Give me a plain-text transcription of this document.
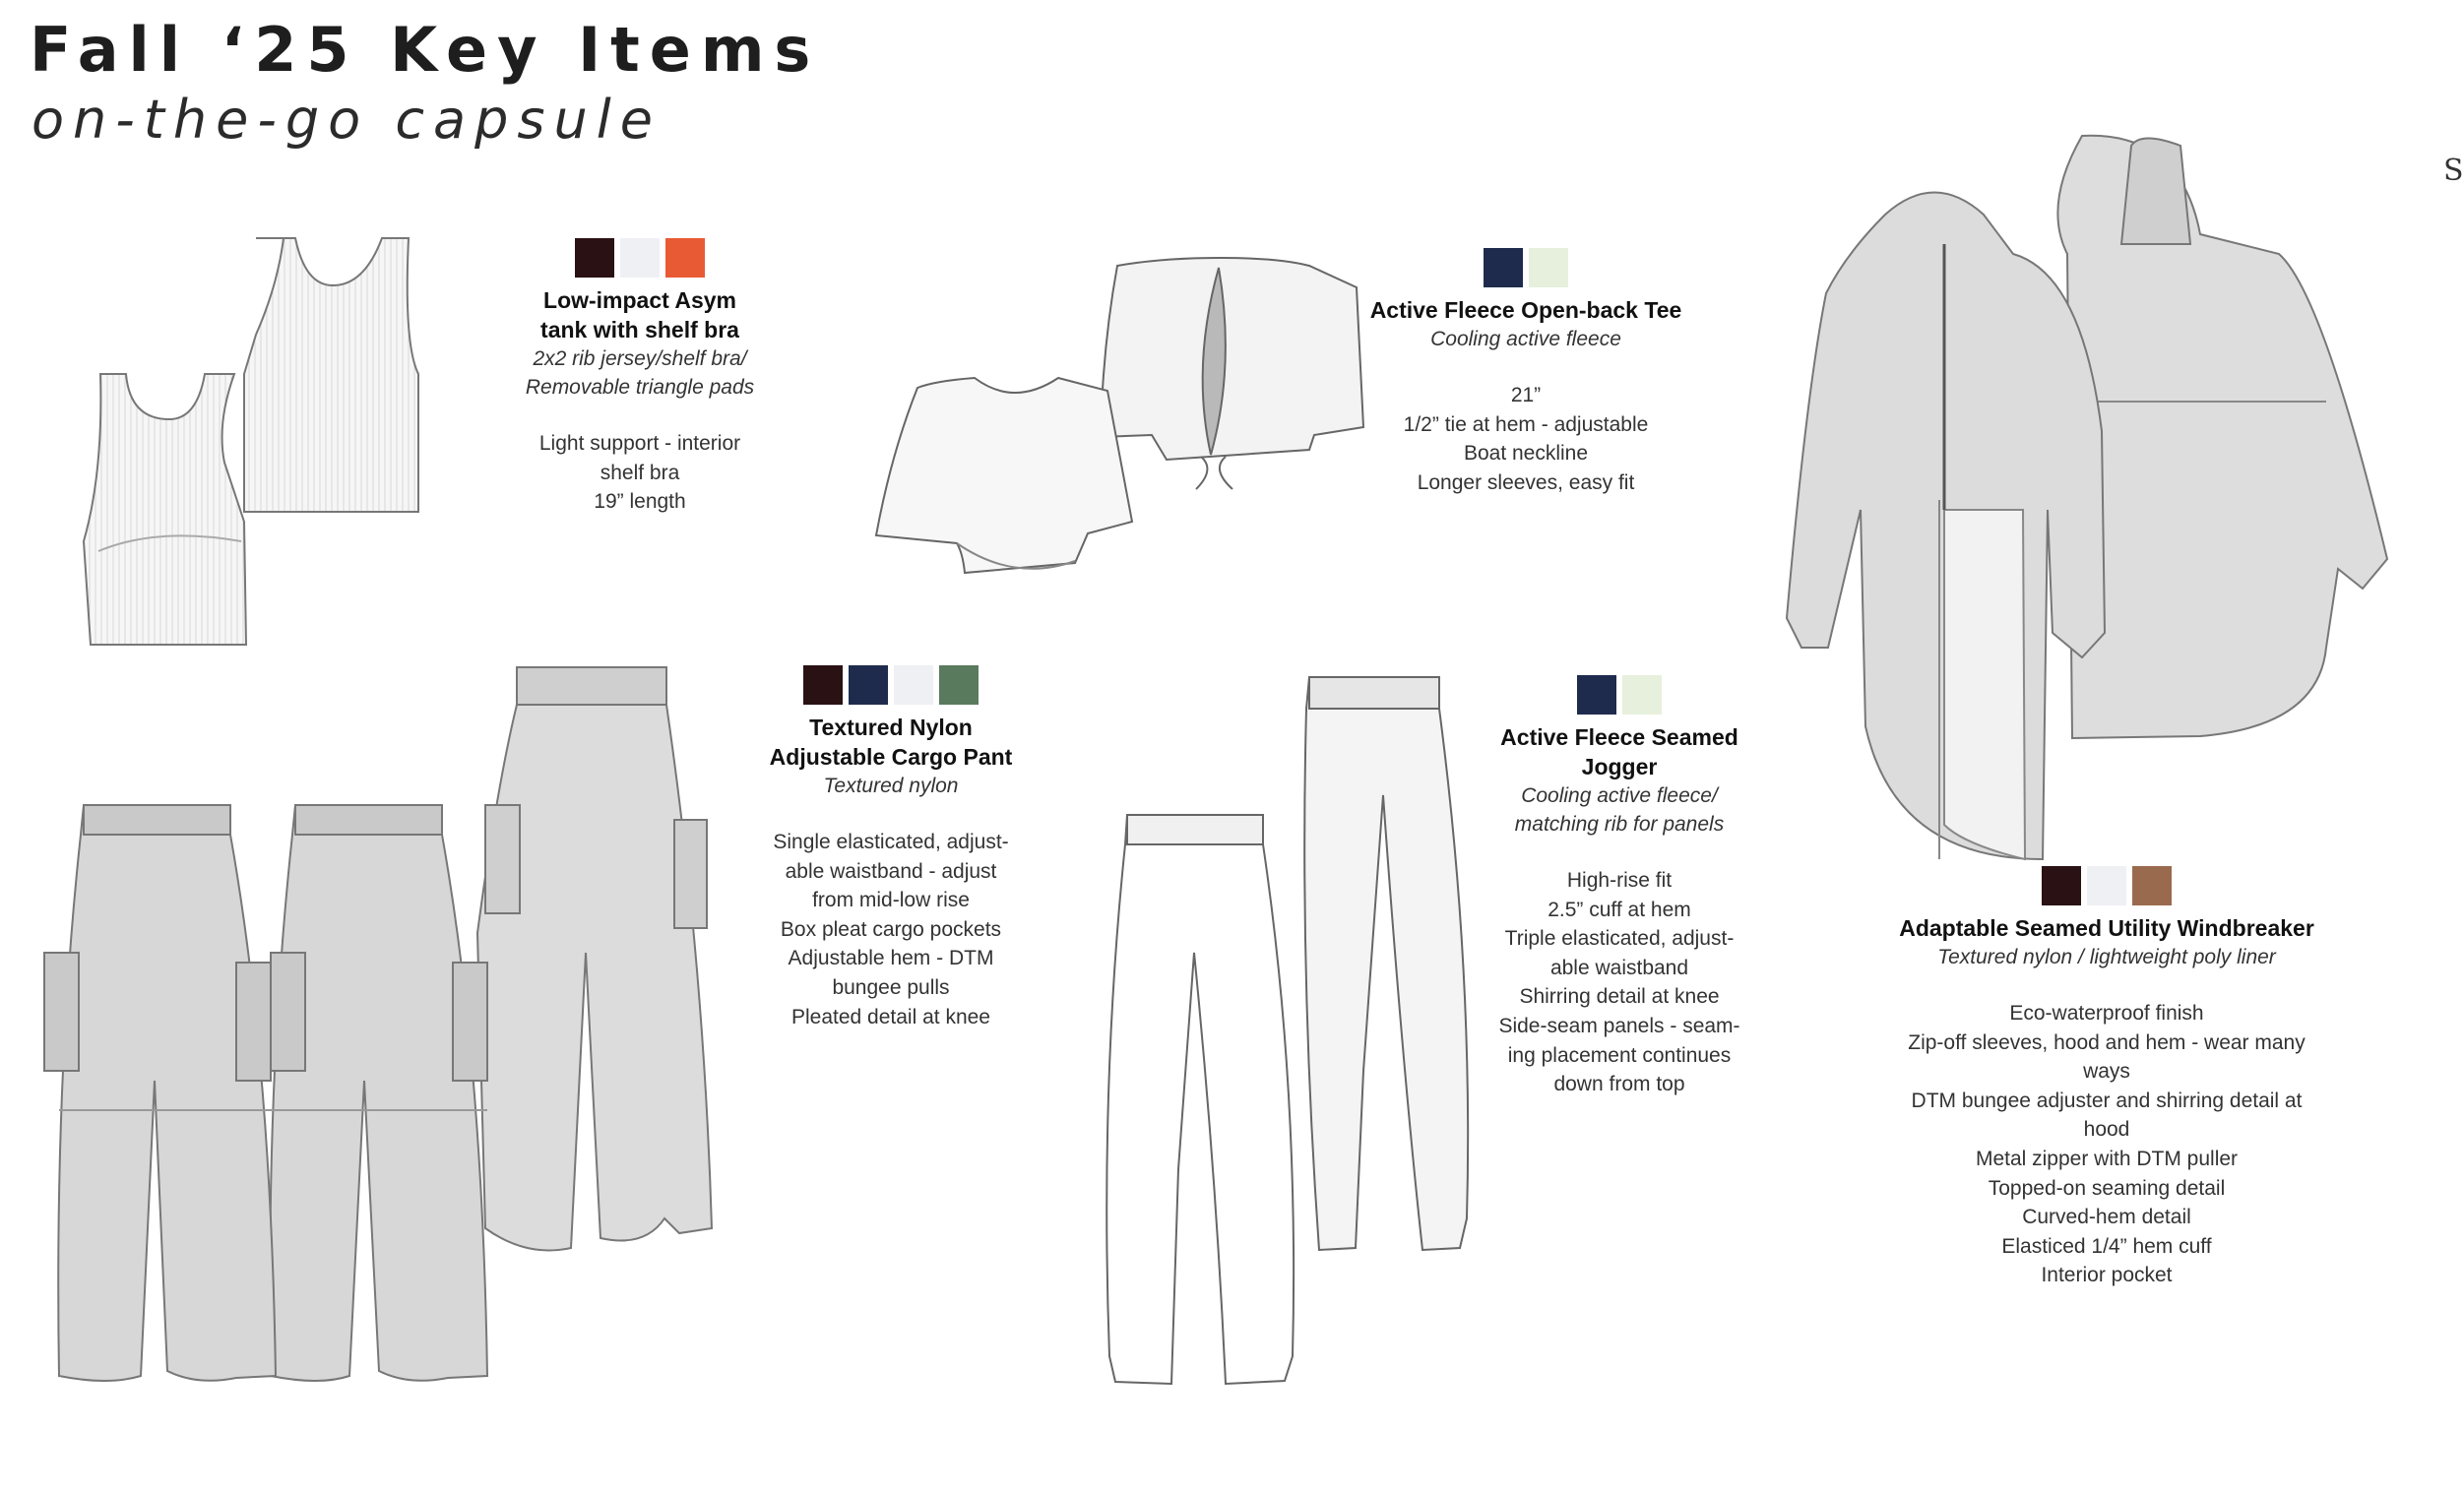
Fall ‘25 Key Items
on-the-go capsule
S
Low-impact Asym
tank with shelf bra
2x2 rib jersey/shelf bra/
Removable triangle pads
Light support - interior
shelf bra
19” length
Active Fleece Open-back Tee
Cooling active fleece
21”
1/2” tie at hem - adjustable
Boat neckline
Longer sleeves, easy fit
Textured Nylon
Adjustable Cargo Pant
Textured nylon
Single elasticated, adjust-
able waistband - adjust
from mid-low rise
Box pleat cargo pockets
Adjustable hem - DTM
bungee pulls
Pleated detail at knee
Active Fleece Seamed
Jogger
Cooling active fleece/
matching rib for panels
High-rise fit
2.5” cuff at hem
Triple elasticated, adjust-
able waistband
Shirring detail at knee
Side-seam panels - seam-
ing placement continues
down from top
Adaptable Seamed Utility Windbreaker
Textured nylon / lightweight poly liner
Eco-waterproof finish
Zip-off sleeves, hood and hem - wear many
ways
DTM bungee adjuster and shirring detail at
hood
Metal zipper with DTM puller
Topped-on seaming detail
Curved-hem detail
Elasticed 1/4” hem cuff
Interior pocket
